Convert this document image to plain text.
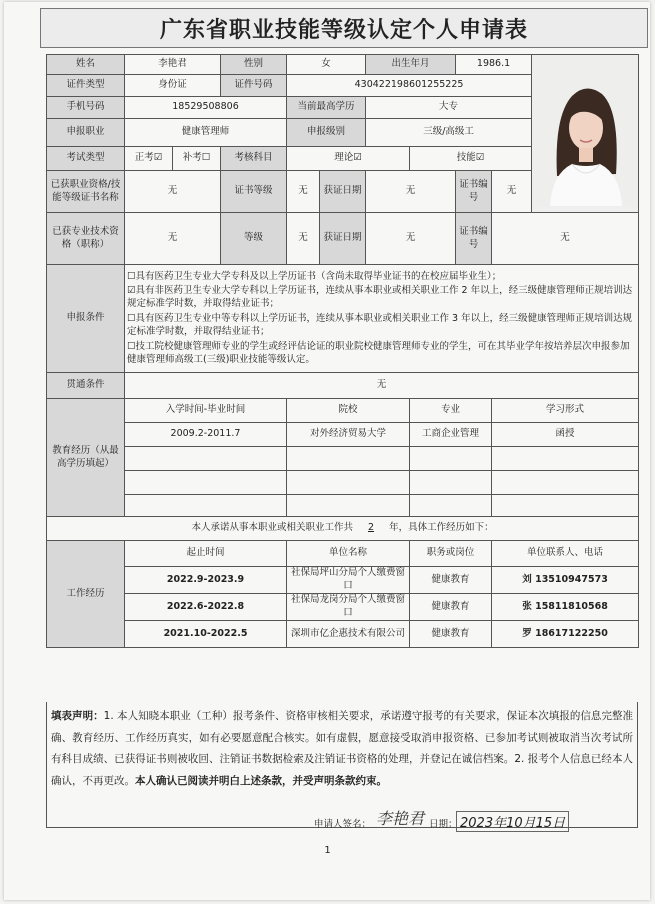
广东省职业技能等级认定个人申请表
姓名	李艳君		性别	女		出生年月		1986.1	
证件类型	身份证		证件号码	430422198601255225						
手机号码	18529508806			当前最高学历		大专				
申报职业	健康管理师			申报级别		三级/高级工				
考试类型	正考☑	补考☐	考核科目	理论☑			技能☑			
已获职业资格/技能等级证书名称	无		证书等级	无	获证日期	无		证书编号	无	
已获专业技术资格（职称）	无		等级	无	获证日期	无		证书编号	无	
申报条件	☐具有医药卫生专业大学专科及以上学历证书（含尚未取得毕业证书的在校应届毕业生）；
☑具有非医药卫生专业大学专科以上学历证书，连续从事本职业或相关职业工作 2 年以上，经三级健康管理师正规培训达规定标准学时数，并取得结业证书；
☐具有医药卫生专业中等专科以上学历证书，连续从事本职业或相关职业工作 3 年以上，经三级健康管理师正规培训达规定标准学时数，并取得结业证书；
☐技工院校健康管理师专业的学生或经评估论证的职业院校健康管理师专业的学生，可在其毕业学年按培养层次申报参加健康管理师高级工(三级)职业技能等级认定。									

贯通条件	无									
教育经历（从最高学历填起）	入学时间-毕业时间			院校			专业		学习形式	
	2009.2-2011.7			对外经济贸易大学			工商企业管理		函授	

本人承诺从事本职业或相关职业工作共 2 年，具体工作经历如下：										
工作经历	起止时间			单位名称			职务或岗位		单位联系人、电话	
	2022.9-2023.9			社保局坪山分局个人缴费窗口			健康教育		刘 13510947573	
	2022.6-2022.8			社保局龙岗分局个人缴费窗口			健康教育		张 15811810568	
	2021.10-2022.5			深圳市亿企惠技术有限公司			健康教育		罗 18617122250	
填表声明：1. 本人知晓本职业（工种）报考条件、资格审核相关要求，承诺遵守报考的有关要求，保证本次填报的信息完整准确、教育经历、工作经历真实，如有必要愿意配合核实。如有虚假，愿意接受取消申报资格、已参加考试则被取消当次考试所有科目成绩、已获得证书则被收回、注销证书数据检索及注销证书资格的处理，并登记在诚信档案。2. 报考个人信息已经本人确认，不再更改。本人确认已阅读并明白上述条款，并受声明条款约束。
申请人签名： 李艳君 日期： 2023年10月15日
1
